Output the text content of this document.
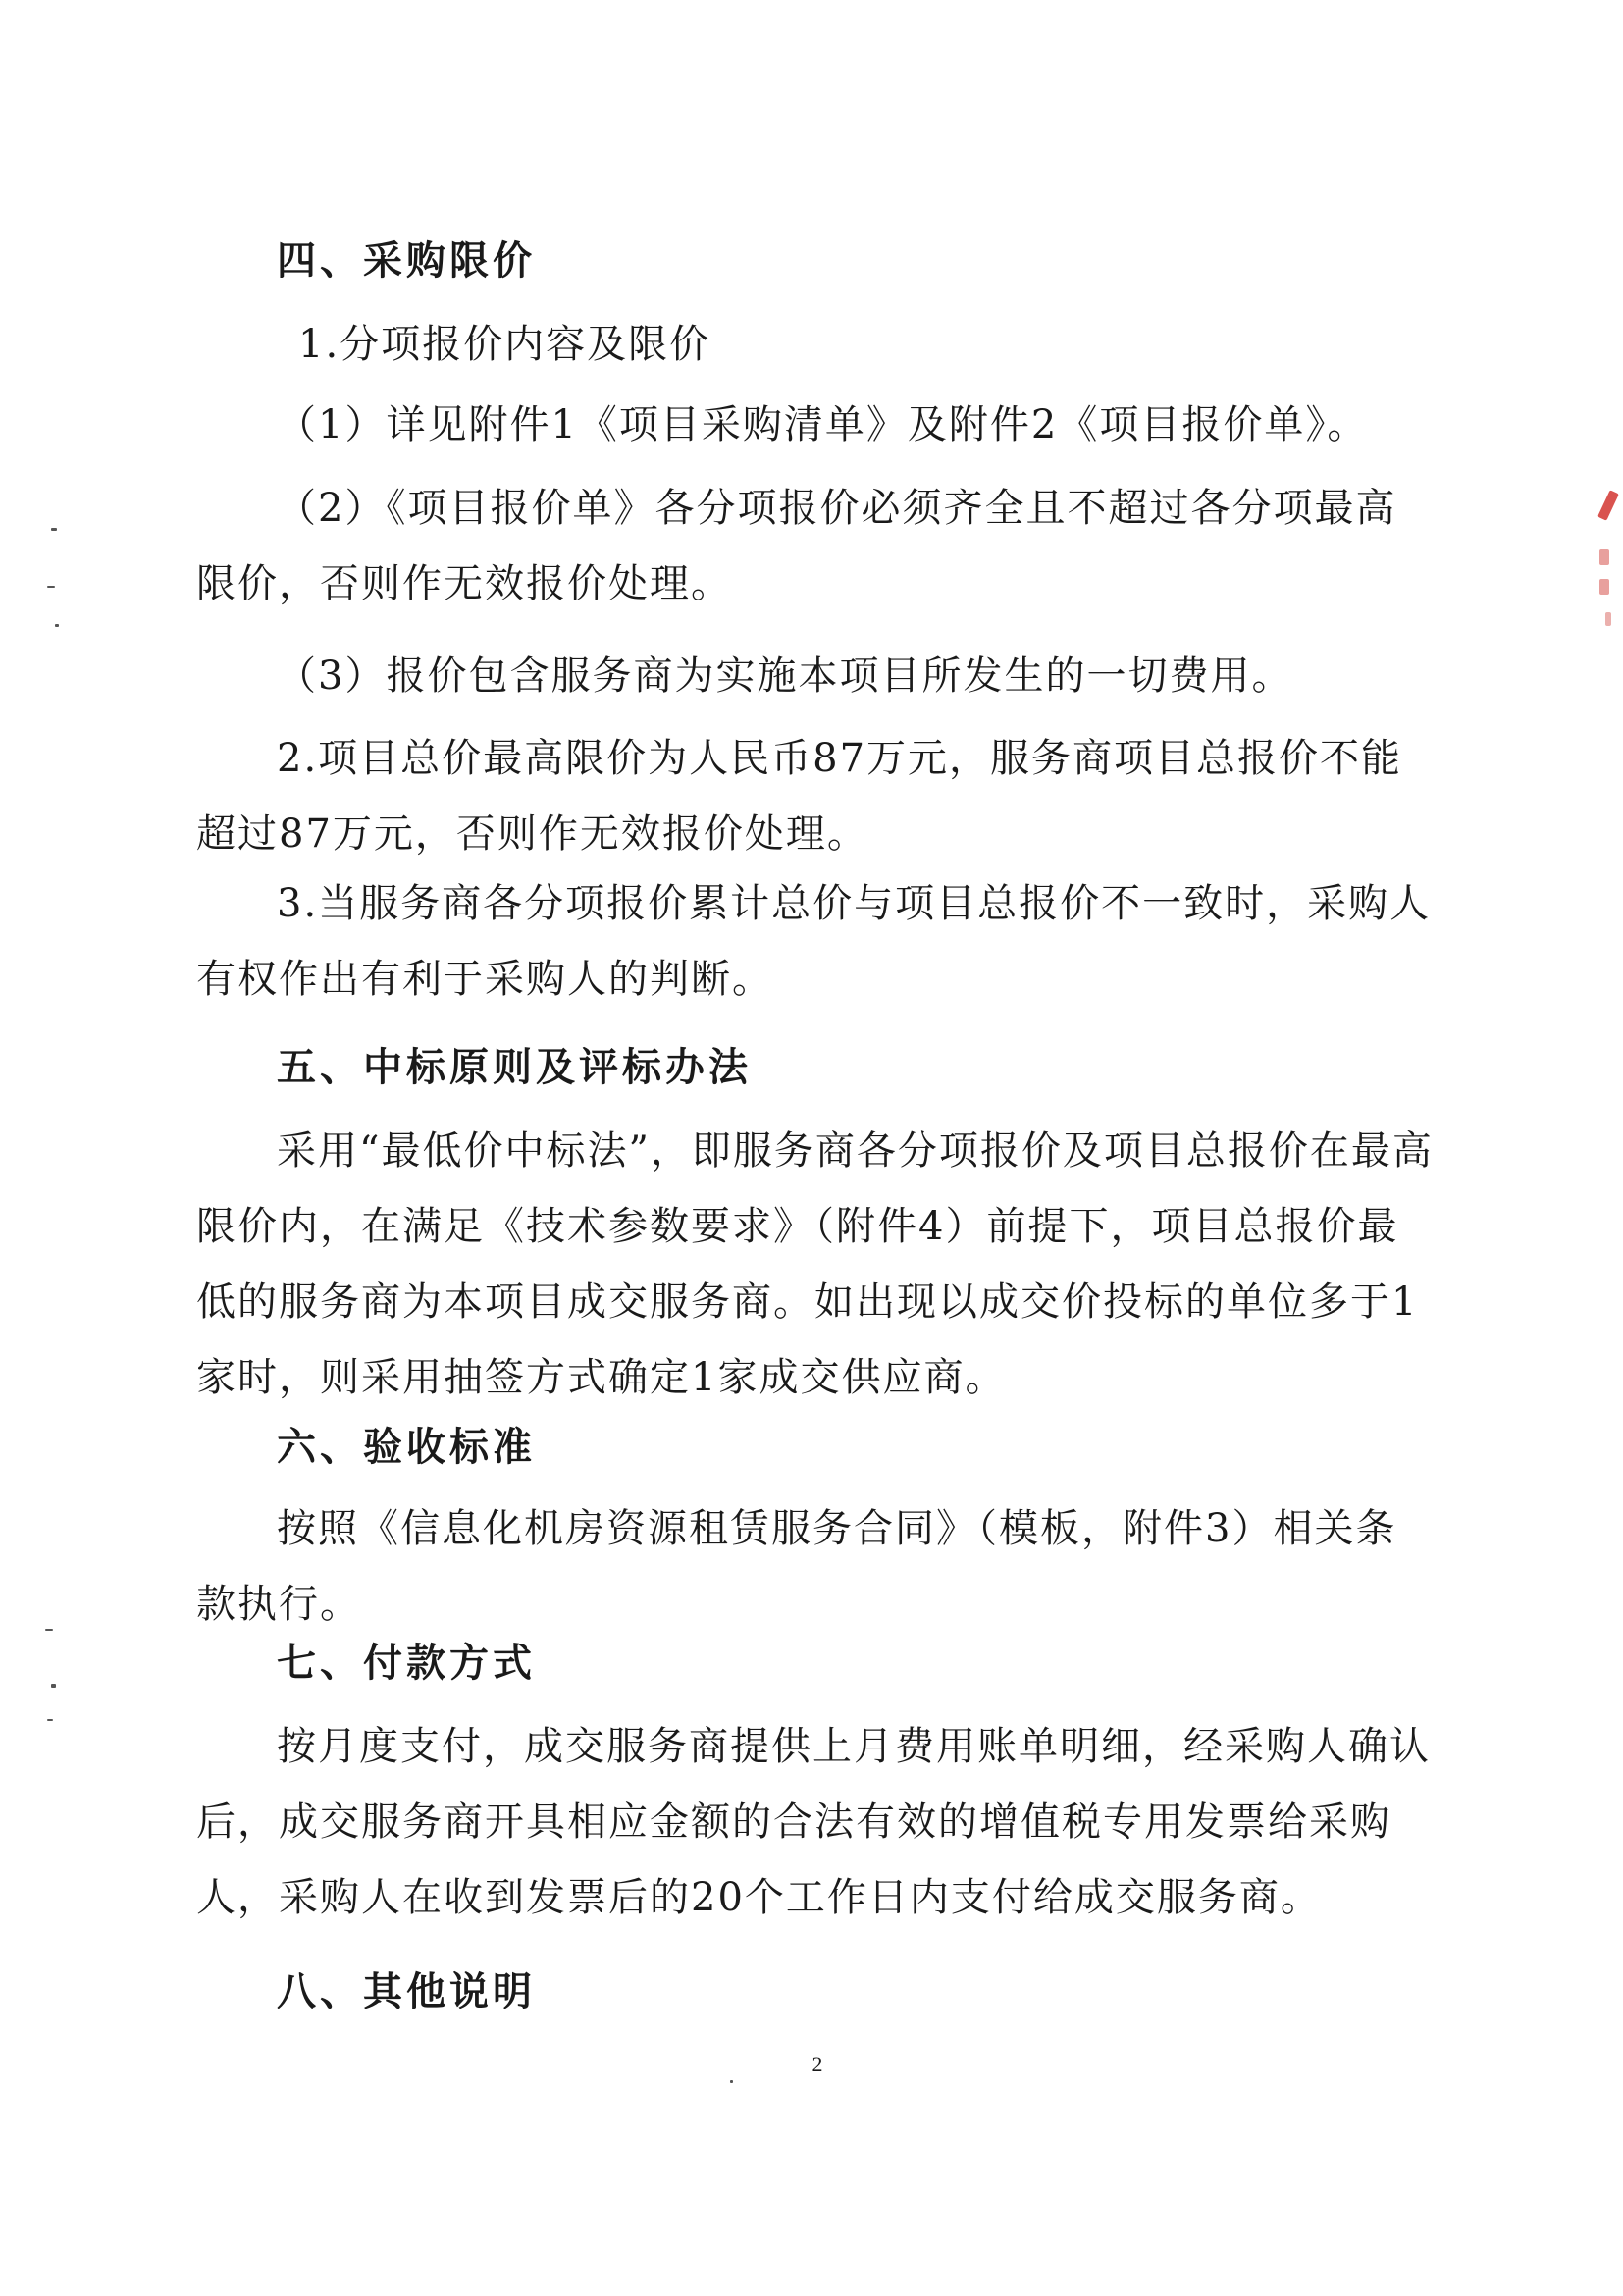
四、采购限价

1.分项报价内容及限价

（1）详见附件1《项目采购清单》及附件2《项目报价单》。

（2）《项目报价单》各分项报价必须齐全且不超过各分项最高限价，否则作无效报价处理。

（3）报价包含服务商为实施本项目所发生的一切费用。

2.项目总价最高限价为人民币87万元，服务商项目总报价不能超过87万元，否则作无效报价处理。

3.当服务商各分项报价累计总价与项目总报价不一致时，采购人有权作出有利于采购人的判断。

五、中标原则及评标办法

采用“最低价中标法”，即服务商各分项报价及项目总报价在最高限价内，在满足《技术参数要求》（附件4）前提下，项目总报价最低的服务商为本项目成交服务商。如出现以成交价投标的单位多于1家时，则采用抽签方式确定1家成交供应商。

六、验收标准

按照《信息化机房资源租赁服务合同》（模板，附件3）相关条款执行。

七、付款方式

按月度支付，成交服务商提供上月费用账单明细，经采购人确认后，成交服务商开具相应金额的合法有效的增值税专用发票给采购人，采购人在收到发票后的20个工作日内支付给成交服务商。

八、其他说明
2
